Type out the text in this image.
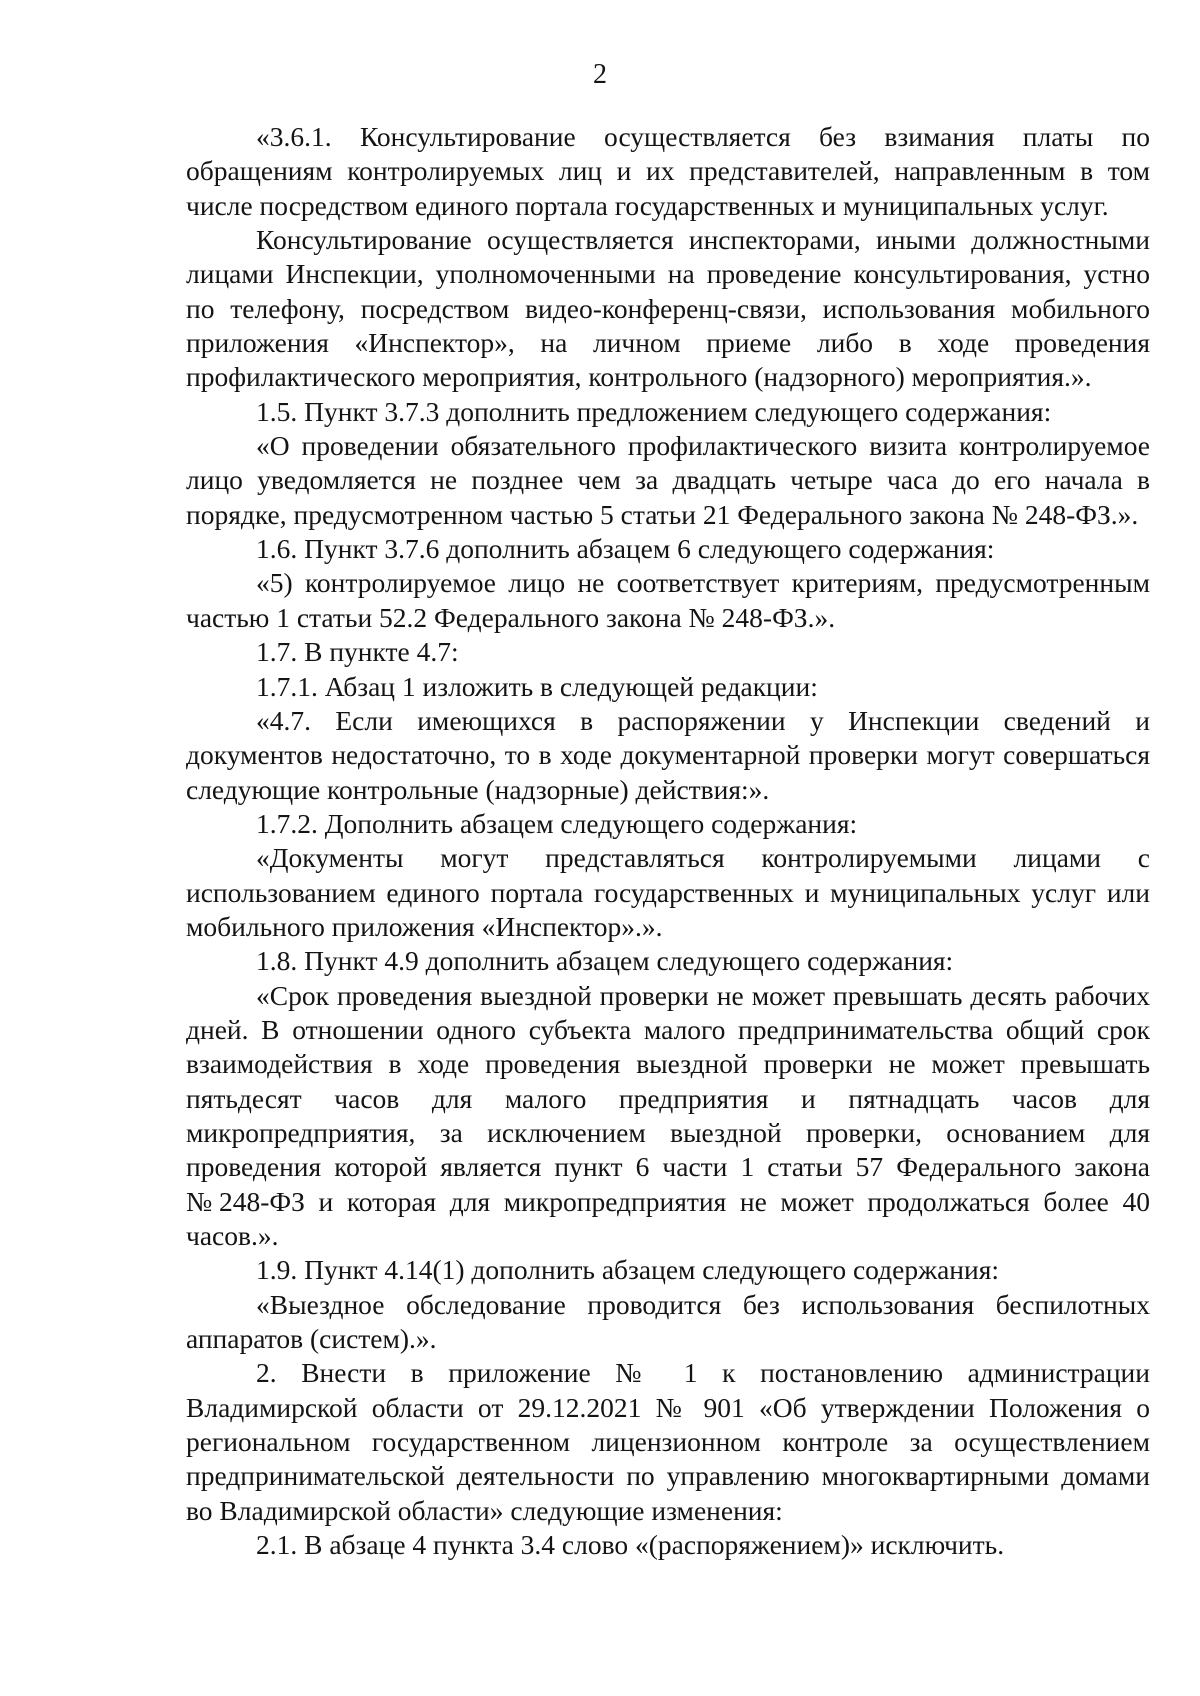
2

«3.6.1. Консультирование осуществляется без взимания платы по обращениям контролируемых лиц и их представителей, направленным в том числе посредством единого портала государственных и муниципальных услуг.

Консультирование осуществляется инспекторами, иными должностными лицами Инспекции, уполномоченными на проведение консультирования, устно по телефону, посредством видео-конференц-связи, использования мобильного приложения «Инспектор», на личном приеме либо в ходе проведения профилактического мероприятия, контрольного (надзорного) мероприятия.».

1.5. Пункт 3.7.3 дополнить предложением следующего содержания:

«О проведении обязательного профилактического визита контролируемое лицо уведомляется не позднее чем за двадцать четыре часа до его начала в порядке, предусмотренном частью 5 статьи 21 Федерального закона № 248-ФЗ.».

1.6. Пункт 3.7.6 дополнить абзацем 6 следующего содержания:

«5) контролируемое лицо не соответствует критериям, предусмотренным частью 1 статьи 52.2 Федерального закона № 248-ФЗ.».

1.7. В пункте 4.7:

1.7.1. Абзац 1 изложить в следующей редакции:

«4.7. Если имеющихся в распоряжении у Инспекции сведений и документов недостаточно, то в ходе документарной проверки могут совершаться следующие контрольные (надзорные) действия:».

1.7.2. Дополнить абзацем следующего содержания:

«Документы могут представляться контролируемыми лицами с использованием единого портала государственных и муниципальных услуг или мобильного приложения «Инспектор».».

1.8. Пункт 4.9 дополнить абзацем следующего содержания:

«Срок проведения выездной проверки не может превышать десять рабочих дней. В отношении одного субъекта малого предпринимательства общий срок взаимодействия в ходе проведения выездной проверки не может превышать пятьдесят часов для малого предприятия и пятнадцать часов для микропредприятия, за исключением выездной проверки, основанием для проведения которой является пункт 6 части 1 статьи 57 Федерального закона №248-ФЗ и которая для микропредприятия не может продолжаться более 40 часов.».

1.9. Пункт 4.14(1) дополнить абзацем следующего содержания:

«Выездное обследование проводится без использования беспилотных аппаратов (систем).».

2. Внести в приложение № 1 к постановлению администрации Владимирской области от 29.12.2021 № 901 «Об утверждении Положения о региональном государственном лицензионном контроле за осуществлением предпринимательской деятельности по управлению многоквартирными домами во Владимирской области» следующие изменения:

2.1. В абзаце 4 пункта 3.4 слово «(распоряжением)» исключить.
